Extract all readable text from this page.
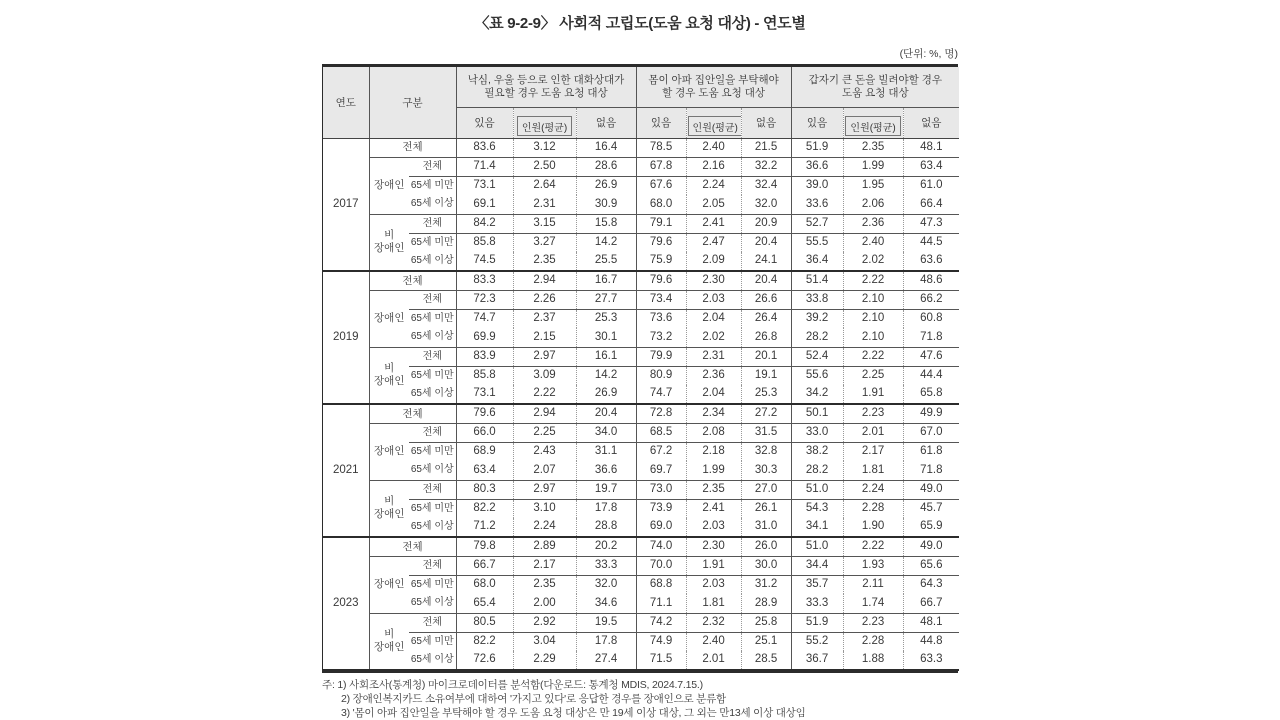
〈표 9-2-9〉 사회적 고립도(도움 요청 대상) - 연도별
(단위: %, 명)
연도	구분	
낙심, 우울 등으로 인한 대화상대가
필요할 경우 도움 요청 대상

몸이 아파 집안일을 부탁해야
할 경우 도움 요청 대상

갑자기 큰 돈을 빌려야할 경우
도움 요청 대상

			있음	인원(평균)	없음	있음	인원(평균)	없음	있음	인원(평균)	없음
2017	전체		83.6	3.12	16.4	78.5	2.40	21.5	51.9	2.35	48.1

	장애인	전체	71.4	2.50	28.6	67.8	2.16	32.2	36.6	1.99	63.4
		65세 미만	73.1	2.64	26.9	67.6	2.24	32.4	39.0	1.95	61.0
		65세 이상	69.1	2.31	30.9	68.0	2.05	32.0	33.6	2.06	66.4

	비
장애인	전체	84.2	3.15	15.8	79.1	2.41	20.9	52.7	2.36	47.3
		65세 미만	85.8	3.27	14.2	79.6	2.47	20.4	55.5	2.40	44.5
		65세 이상	74.5	2.35	25.5	75.9	2.09	24.1	36.4	2.02	63.6
2019	전체		83.3	2.94	16.7	79.6	2.30	20.4	51.4	2.22	48.6

	장애인	전체	72.3	2.26	27.7	73.4	2.03	26.6	33.8	2.10	66.2
		65세 미만	74.7	2.37	25.3	73.6	2.04	26.4	39.2	2.10	60.8
		65세 이상	69.9	2.15	30.1	73.2	2.02	26.8	28.2	2.10	71.8

	비
장애인	전체	83.9	2.97	16.1	79.9	2.31	20.1	52.4	2.22	47.6
		65세 미만	85.8	3.09	14.2	80.9	2.36	19.1	55.6	2.25	44.4
		65세 이상	73.1	2.22	26.9	74.7	2.04	25.3	34.2	1.91	65.8
2021	전체		79.6	2.94	20.4	72.8	2.34	27.2	50.1	2.23	49.9

	장애인	전체	66.0	2.25	34.0	68.5	2.08	31.5	33.0	2.01	67.0
		65세 미만	68.9	2.43	31.1	67.2	2.18	32.8	38.2	2.17	61.8
		65세 이상	63.4	2.07	36.6	69.7	1.99	30.3	28.2	1.81	71.8

	비
장애인	전체	80.3	2.97	19.7	73.0	2.35	27.0	51.0	2.24	49.0
		65세 미만	82.2	3.10	17.8	73.9	2.41	26.1	54.3	2.28	45.7
		65세 이상	71.2	2.24	28.8	69.0	2.03	31.0	34.1	1.90	65.9
2023	전체		79.8	2.89	20.2	74.0	2.30	26.0	51.0	2.22	49.0

	장애인	전체	66.7	2.17	33.3	70.0	1.91	30.0	34.4	1.93	65.6
		65세 미만	68.0	2.35	32.0	68.8	2.03	31.2	35.7	2.11	64.3
		65세 이상	65.4	2.00	34.6	71.1	1.81	28.9	33.3	1.74	66.7

	비
장애인	전체	80.5	2.92	19.5	74.2	2.32	25.8	51.9	2.23	48.1
		65세 미만	82.2	3.04	17.8	74.9	2.40	25.1	55.2	2.28	44.8
		65세 이상	72.6	2.29	27.4	71.5	2.01	28.5	36.7	1.88	63.3
주: 1) 사회조사(통계청) 마이크로데이터를 분석함(다운로드: 통계청 MDIS, 2024.7.15.)
2) 장애인복지카드 소유여부에 대하여 '가지고 있다'로 응답한 경우를 장애인으로 분류함
3) '몸이 아파 집안일을 부탁해야 할 경우 도움 요청 대상'은 만 19세 이상 대상, 그 외는 만13세 이상 대상임
